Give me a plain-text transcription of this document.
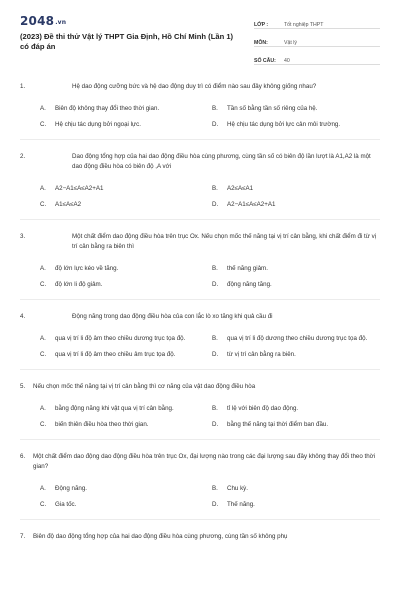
2048.vn
(2023) Đề thi thử Vật lý THPT Gia Định, Hồ Chí Minh (Lần 1) có đáp án
LỚP :	Tốt nghiệp THPT
MÔN:	Vật lý
SỐ CÂU:	40
1.	Hệ dao động cưỡng bức và hệ dao động duy trì có điểm nào sau đây không giống nhau?
A.	Biên độ không thay đổi theo thời gian.	B.	Tần số bằng tần số riêng của hệ.
C.	Hệ chịu tác dụng bởi ngoại lực.	D.	Hệ chịu tác dụng bởi lực cản môi trường.
2.	Dao động tổng hợp của hai dao động điều hòa cùng phương, cùng tần số có biên độ lần lượt là A1,A2 là một dao động điều hòa có biên độ ,A với
A.	A2−A1≤A≤A2+A1	B.	A2≤A≤A1
C.	A1≤A≤A2	D.	A2−A1≤A≤A2+A1
3.	Một chất điểm dao động điều hòa trên trục Ox. Nếu chọn mốc thế năng tại vị trí cân bằng, khi chất điểm đi từ vị trí cân bằng ra biên thì
A.	độ lớn lực kéo về tăng.	B.	thế năng giảm.
C.	độ lớn li độ giảm.	D.	động năng tăng.
4.	Động năng trong dao động điều hòa của con lắc lò xo tăng khi quả cầu đi
A.	qua vị trí li độ âm theo chiều dương trục tọa độ.	B.	qua vị trí li độ dương theo chiều dương trục tọa độ.
C.	qua vị trí li độ âm theo chiều âm trục tọa độ.	D.	từ vị trí cân bằng ra biên.
5. Nếu chọn mốc thế năng tại vị trí cân bằng thì cơ năng của vật dao động điều hòa
A.	bằng động năng khi vật qua vị trí cân bằng.	B.	tỉ lệ với biên độ dao động.
C.	biến thiên điều hòa theo thời gian.	D.	bằng thế năng tại thời điểm ban đầu.
6. Một chất điểm dao động dao động điều hòa trên trục Ox, đại lượng nào trong các đại lượng sau đây không thay đổi theo thời gian?
A.	Động năng.	B.	Chu kỳ.
C.	Gia tốc.	D.	Thế năng.
7. Biên độ dao động tổng hợp của hai dao động điều hòa cùng phương, cùng tần số không phụ
